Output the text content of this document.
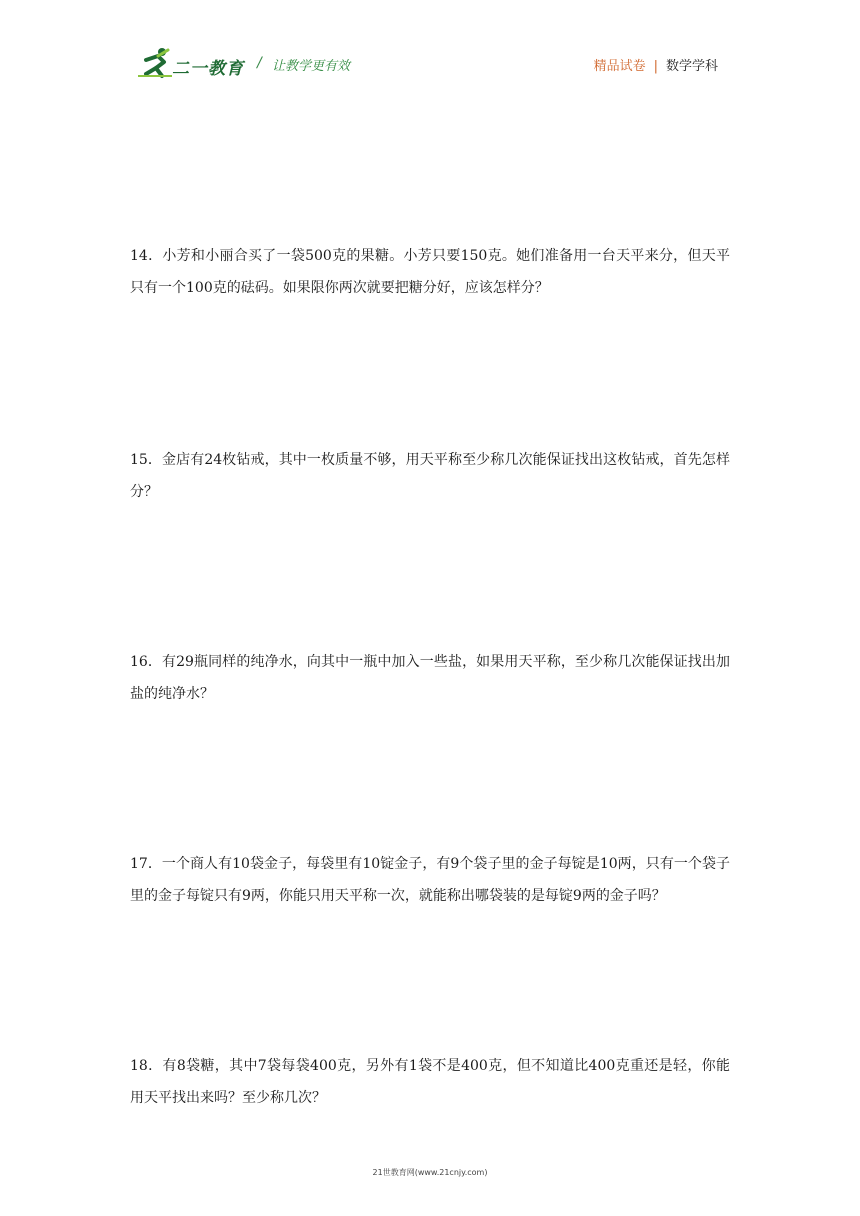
二一教育 / 让教学更有效	精品试卷 | 数学学科
14．小芳和小丽合买了一袋500克的果糖。小芳只要150克。她们准备用一台天平来分，但天平只有一个100克的砝码。如果限你两次就要把糖分好，应该怎样分？
15．金店有24枚钻戒，其中一枚质量不够，用天平称至少称几次能保证找出这枚钻戒，首先怎样分？
16．有29瓶同样的纯净水，向其中一瓶中加入一些盐，如果用天平称，至少称几次能保证找出加盐的纯净水？
17．一个商人有10袋金子，每袋里有10锭金子，有9个袋子里的金子每锭是10两，只有一个袋子里的金子每锭只有9两，你能只用天平称一次，就能称出哪袋装的是每锭9两的金子吗？
18．有8袋糖，其中7袋每袋400克，另外有1袋不是400克，但不知道比400克重还是轻，你能用天平找出来吗？至少称几次？
21世教育网(www.21cnjy.com)
